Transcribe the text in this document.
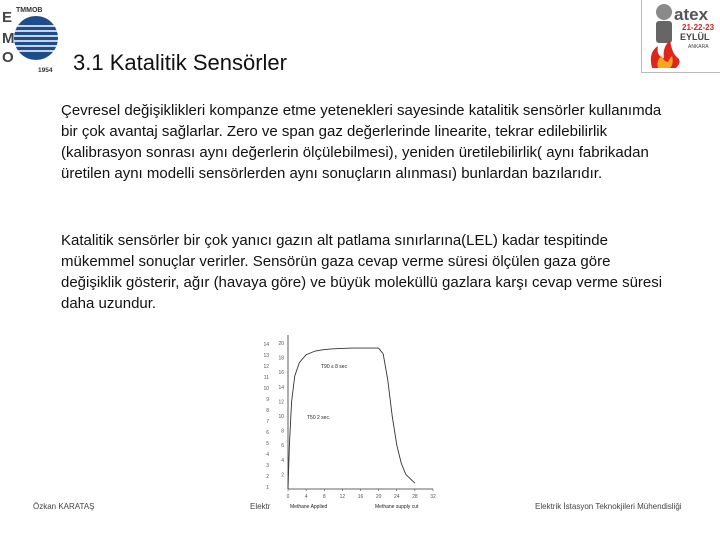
E
M
O
TMMOB
1954
atex
21-22-23
EYLÜL
ANKARA
3.1 Katalitik Sensörler
Çevresel değişiklikleri kompanze etme yetenekleri sayesinde katalitik sensörler kullanımda bir çok avantaj sağlarlar. Zero ve span gaz değerlerinde linearite, tekrar edilebilirlik (kalibrasyon sonrası aynı değerlerin ölçülebilmesi), yeniden üretilebilirlik( aynı fabrikadan üretilen aynı modelli sensörlerden aynı sonuçların alınması) bunlardan bazılarıdır.
Katalitik sensörler bir çok yanıcı gazın alt patlama sınırlarına(LEL) kadar tespitinde mükemmel sonuçlar verirler. Sensörün gaza cevap verme süresi ölçülen gaza göre değişiklik gösterir, ağır (havaya göre) ve büyük moleküllü gazlara karşı cevap verme süresi daha uzundur.
1
2
3
4
5
6
7
8
9
10
11
12
13
14
2
4
6
8
10
12
14
16
18
20
0	4	8	12	16	20	24	28	32
T90 ≤ 8 sec
T50 2 sec.
Methane Applied	Methane supply cut
Özkan KARATAŞ	Elektr	Elektrik İstasyon Teknokjileri Mühendisliği
